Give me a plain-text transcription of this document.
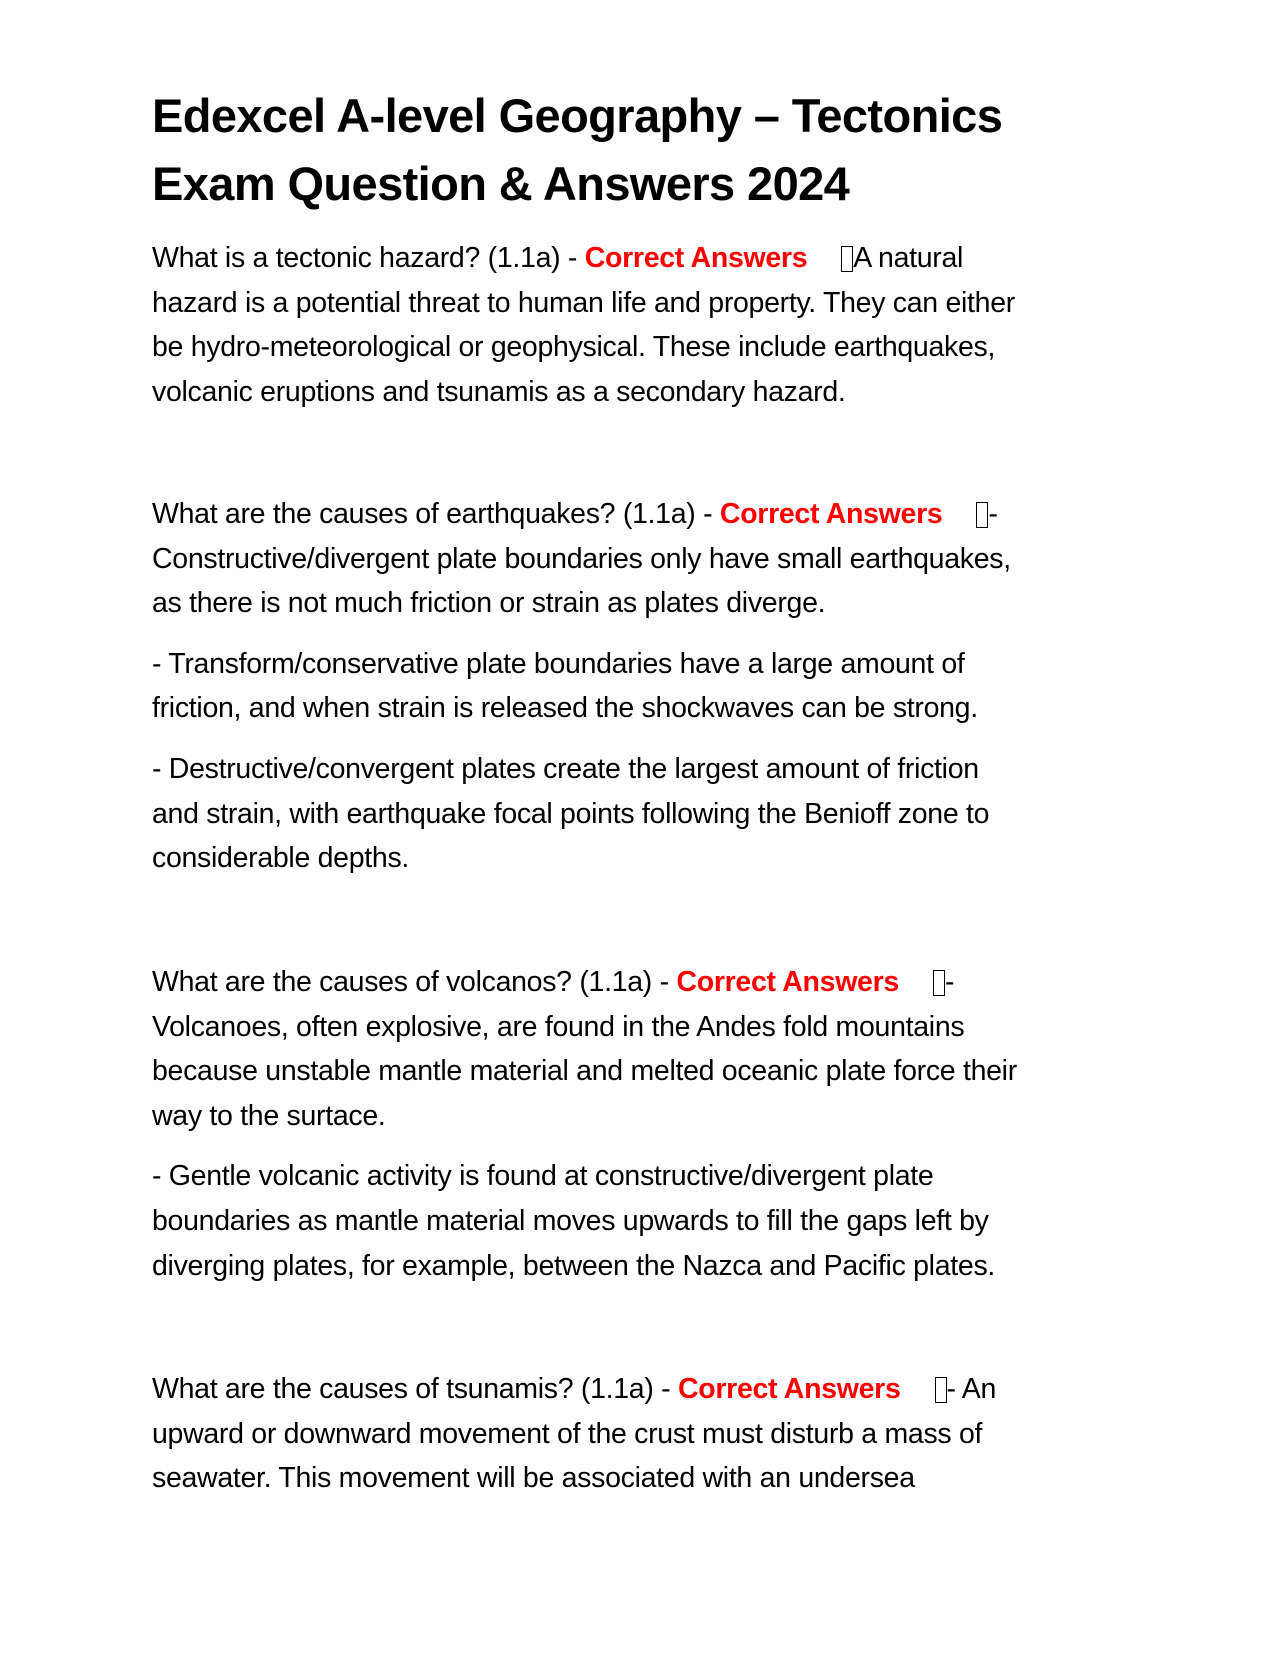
Edexcel A-level Geography – Tectonics
Exam Question & Answers 2024
What is a tectonic hazard? (1.1a) - Correct Answers A natural
hazard is a potential threat to human life and property. They can either
be hydro-meteorological or geophysical. These include earthquakes,
volcanic eruptions and tsunamis as a secondary hazard.
What are the causes of earthquakes? (1.1a) - Correct Answers -
Constructive/divergent plate boundaries only have small earthquakes,
as there is not much friction or strain as plates diverge.
- Transform/conservative plate boundaries have a large amount of
friction, and when strain is released the shockwaves can be strong.
- Destructive/convergent plates create the largest amount of friction
and strain, with earthquake focal points following the Benioff zone to
considerable depths.
What are the causes of volcanos? (1.1a) - Correct Answers -
Volcanoes, often explosive, are found in the Andes fold mountains
because unstable mantle material and melted oceanic plate force their
way to the surtace.
- Gentle volcanic activity is found at constructive/divergent plate
boundaries as mantle material moves upwards to fill the gaps left by
diverging plates, for example, between the Nazca and Pacific plates.
What are the causes of tsunamis? (1.1a) - Correct Answers - An
upward or downward movement of the crust must disturb a mass of
seawater. This movement will be associated with an undersea
